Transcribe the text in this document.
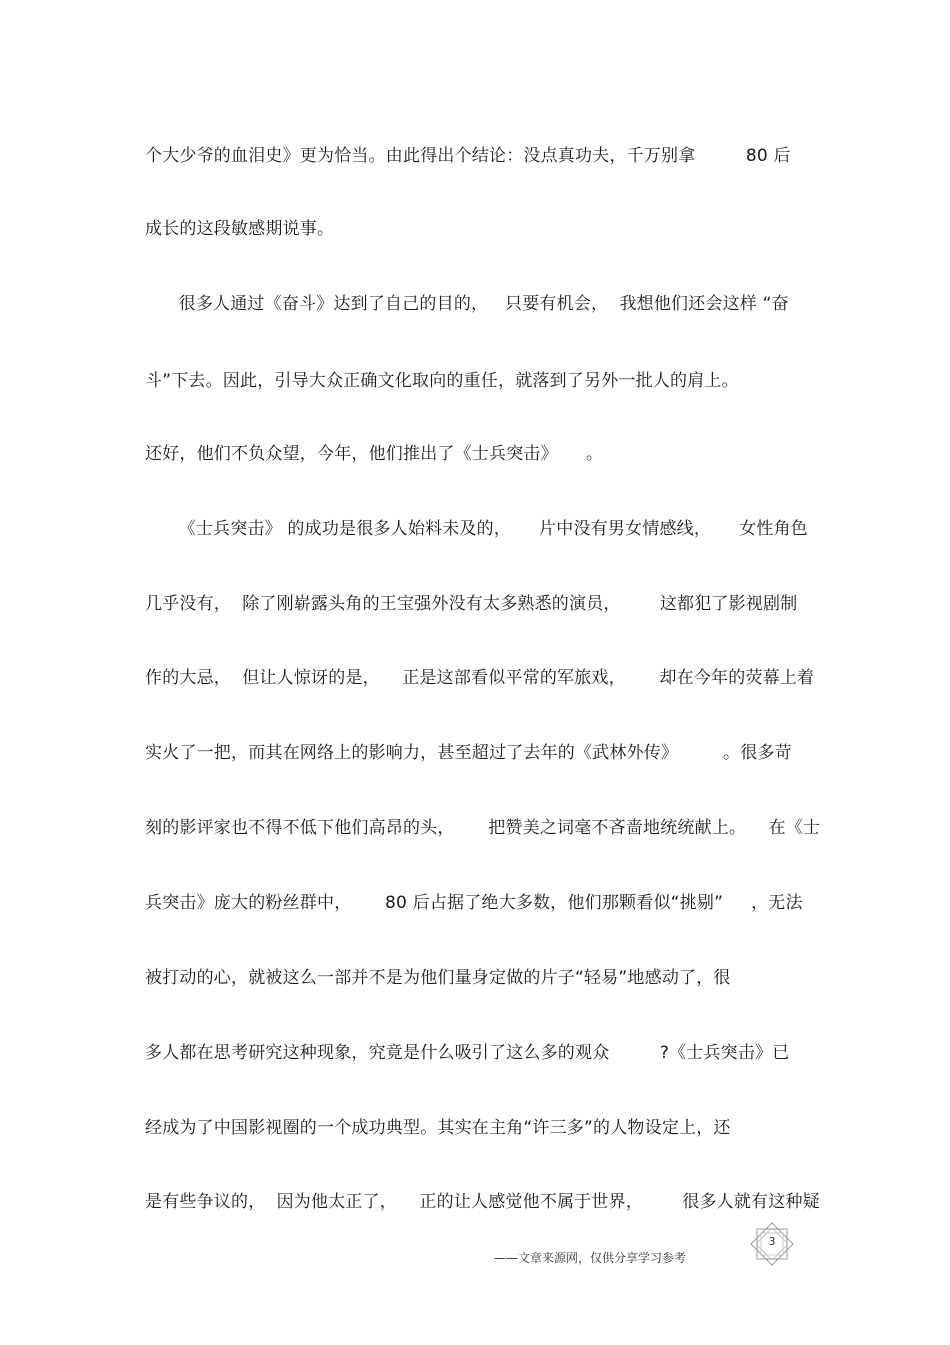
个大少爷的血泪史》更为恰当。由此得出个结论：没点真功夫，千万别拿         80 后
成长的这段敏感期说事。
很多人通过《奋斗》达到了自己的目的，   只要有机会，  我想他们还会这样 “奋
斗”下去。因此，引导大众正确文化取向的重任，就落到了另外一批人的肩上。
还好，他们不负众望，今年，他们推出了《士兵突击》     。
《士兵突击》 的成功是很多人始料未及的，     片中没有男女情感线，     女性角色
几乎没有，  除了刚崭露头角的王宝强外没有太多熟悉的演员，       这都犯了影视剧制
作的大忌，  但让人惊讶的是，    正是这部看似平常的军旅戏，      却在今年的荧幕上着
实火了一把，而其在网络上的影响力，甚至超过了去年的《武林外传》        。很多苛
刻的影评家也不得不低下他们高昂的头，      把赞美之词毫不吝啬地统统献上。    在《士
兵突击》庞大的粉丝群中，      80 后占据了绝大多数，他们那颗看似“挑剔”     ，无法
被打动的心，就被这么一部并不是为他们量身定做的片子“轻易”地感动了，很
多人都在思考研究这种现象，究竟是什么吸引了这么多的观众         ?《士兵突击》已
经成为了中国影视圈的一个成功典型。其实在主角“许三多”的人物设定上，还
是有些争议的，  因为他太正了，    正的让人感觉他不属于世界，       很多人就有这种疑
3
——文章来源网，仅供分享学习参考
